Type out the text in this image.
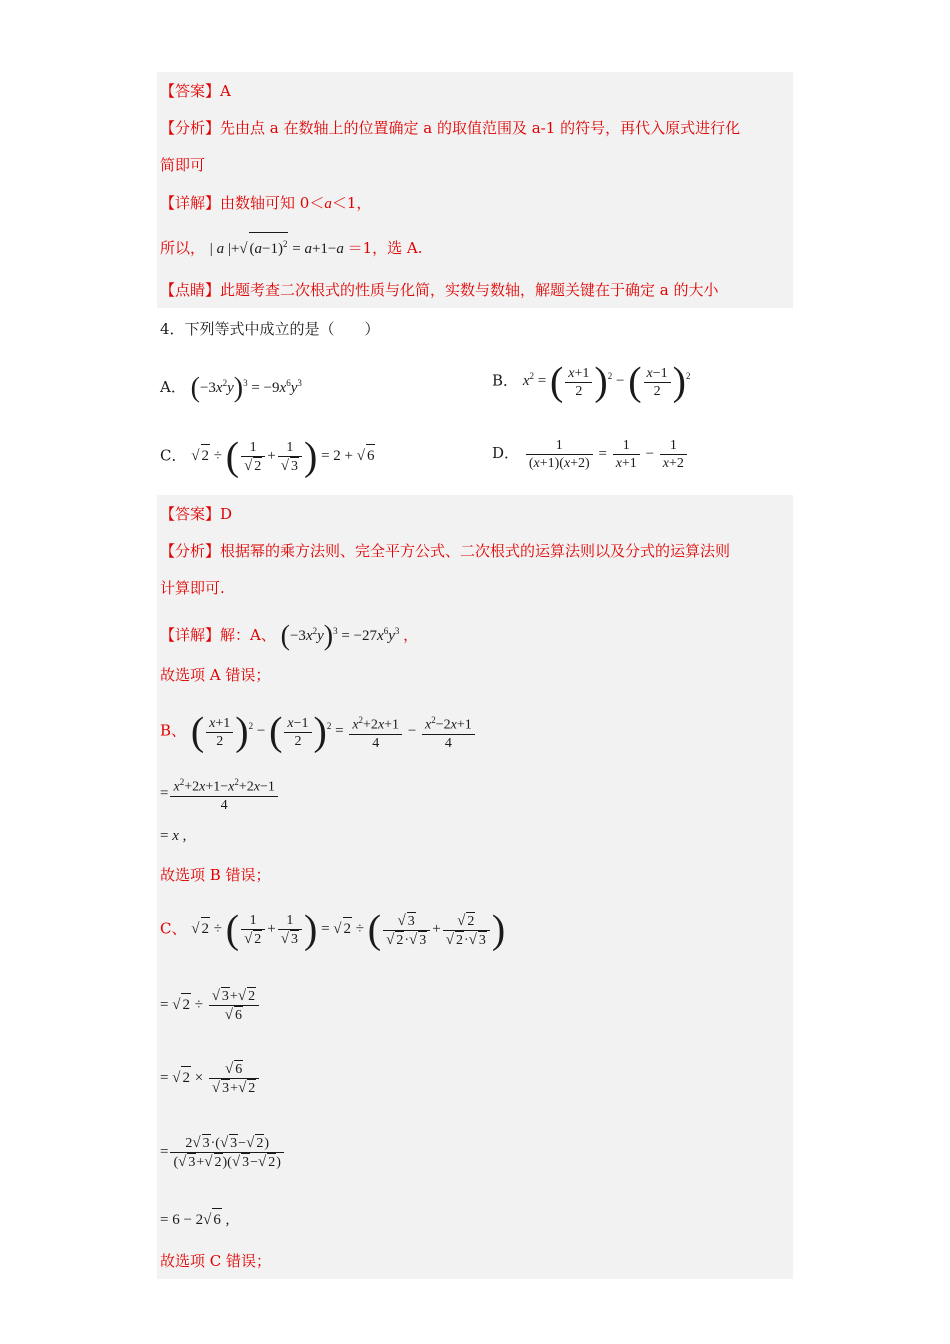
【答案】A
【分析】先由点 a 在数轴上的位置确定 a 的取值范围及 a-1 的符号，再代入原式进行化
简即可
【详解】由数轴可知 0＜a＜1，
所以， | a |+√ $(a-1)^2 = a+1-a =1$，选 A.
【点睛】此题考查二次根式的性质与化简，实数与数轴，解题关键在于确定 a 的大小
4．下列等式中成立的是（　　）
A． $(-3x^2y)^3 = -9x^6y^3$	B． $x^2$ = ( $\frac{x+1}{2} )^2$ − ( $\frac{x-1}{2} )^2$
C． √ 2 ÷ ( $\frac{1}{√ 2} + \frac{1}{√ 3}$ ) = 2 + √ 6	D． $\frac{1}{(x+1)(x+2)} = \frac{1}{x+1} - \frac{1}{x+2}$
【答案】D
【分析】根据幂的乘方法则、完全平方公式、二次根式的运算法则以及分式的运算法则
计算即可.
【详解】解：A、 $(-3x^2y)^3 = -27x^6y^3$ ，
故选项 A 错误；
B、 ( $\frac{x+1}{2} )^2$ − ( $\frac{x-1}{2} )^2 = \frac{x^2+2x+1}{4} - \frac{x^2-2x+1}{4}$
= $\frac{x^2+2x+1-x^2+2x-1}{4}$
= x ,
故选项 B 错误；
C、 √ 2 ÷ ( $\frac{1}{√ 2} + \frac{1}{√ 3}$ ) = √ 2 ÷ ( $\frac{√ 3}{√ 2\cdot√ 3} + \frac{√ 2}{√ 2\cdot√ 3}$ )
= √ $2 \div \frac{√ 3+√ 2}{√ 6}$
= √ $2 \times \frac{√ 6}{√ 3+√ 2}$
= $\frac{2√ 3\cdot(√ 3-√ 2)}{(√ 3+√ 2)(√ 3-√ 2)}$
= 6 − 2√ 6 ,
故选项 C 错误；
